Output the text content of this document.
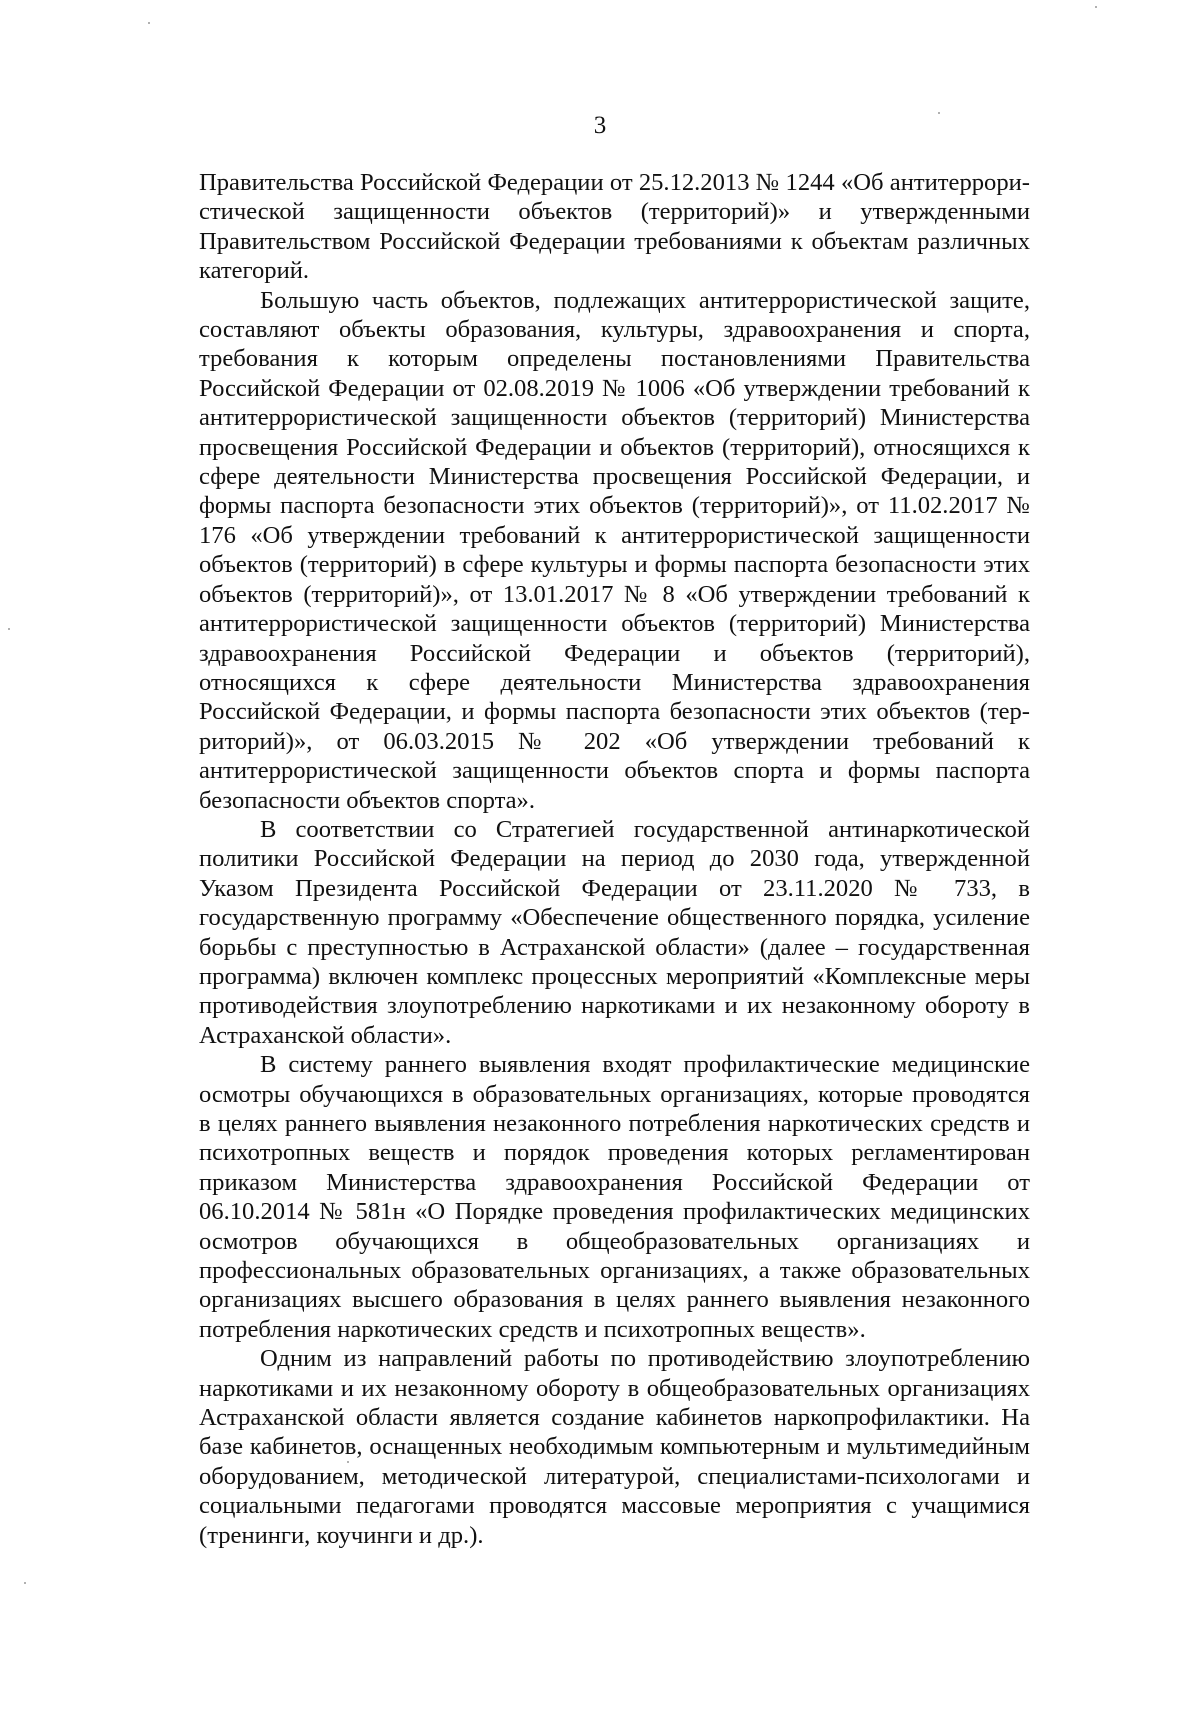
3

Правительства Российской Федерации от 25.12.2013 № 1244 «Об антитеррористической защищенности объектов (территорий)» и утвержденными Правительством Российской Федерации требованиями к объектам различных категорий.

Большую часть объектов, подлежащих антитеррористической защите, составляют объекты образования, культуры, здравоохранения и спорта, требования к которым определены постановлениями Правительства Российской Федерации от 02.08.2019 № 1006 «Об утверждении требований к антитеррористической защищенности объектов (территорий) Министерства просвещения Российской Федерации и объектов (территорий), относящихся к сфере деятельности Министерства просвещения Российской Федерации, и формы паспорта безопасности этих объектов (территорий)», от 11.02.2017 № 176 «Об утверждении требований к антитеррористической защищенности объектов (территорий) в сфере культуры и формы паспорта безопасности этих объектов (территорий)», от 13.01.2017 № 8 «Об утверждении требований к антитеррористической защищенности объектов (территорий) Министерства здравоохранения Российской Федерации и объектов (территорий), относящихся к сфере деятельности Министерства здравоохранения Российской Федерации, и формы паспорта безопасности этих объектов (территорий)», от 06.03.2015 № 202 «Об утверждении требований к антитеррористической защищенности объектов спорта и формы паспорта безопасности объектов спорта».

В соответствии со Стратегией государственной антинаркотической политики Российской Федерации на период до 2030 года, утвержденной Указом Президента Российской Федерации от 23.11.2020 № 733, в государственную программу «Обеспечение общественного порядка, усиление борьбы с преступностью в Астраханской области» (далее – государственная программа) включен комплекс процессных мероприятий «Комплексные меры противодействия злоупотреблению наркотиками и их незаконному обороту в Астраханской области».

В систему раннего выявления входят профилактические медицинские осмотры обучающихся в образовательных организациях, которые проводятся в целях раннего выявления незаконного потребления наркотических средств и психотропных веществ и порядок проведения которых регламентирован приказом Министерства здравоохранения Российской Федерации от 06.10.2014 № 581н «О Порядке проведения профилактических медицинских осмотров обучающихся в общеобразовательных организациях и профессиональных образовательных организациях, а также образовательных организациях высшего образования в целях раннего выявления незаконного потребления наркотических средств и психотропных веществ».

Одним из направлений работы по противодействию злоупотреблению наркотиками и их незаконному обороту в общеобразовательных организациях Астраханской области является создание кабинетов наркопрофилактики. На базе кабинетов, оснащенных необходимым компьютерным и мультимедийным оборудованием, методической литературой, специалистами-психологами и социальными педагогами проводятся массовые мероприятия с учащимися (тренинги, коучинги и др.).
